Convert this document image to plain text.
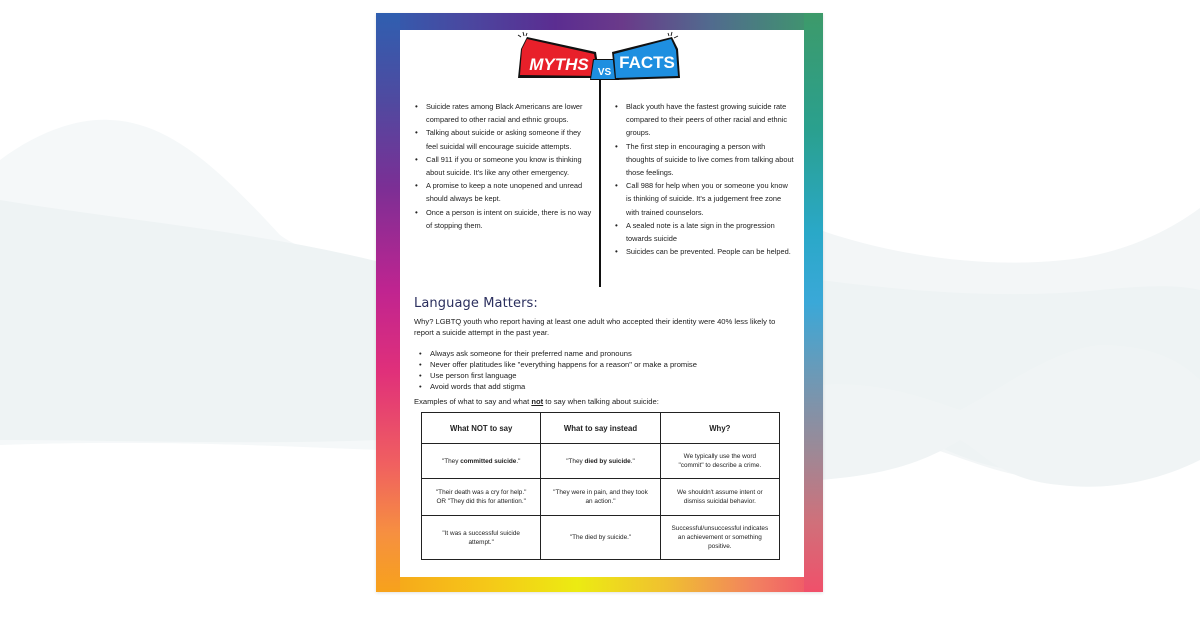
MYTHS VS
FACTS
• Suicide rates among Black Americans are lower compared to other racial and ethnic groups.
• Talking about suicide or asking someone if they feel suicidal will encourage suicide attempts.
• Call 911 if you or someone you know is thinking about suicide. It's like any other emergency.
• A promise to keep a note unopened and unread should always be kept.
• Once a person is intent on suicide, there is no way of stopping them.
• Black youth have the fastest growing suicide rate compared to their peers of other racial and ethnic groups.
• The first step in encouraging a person with thoughts of suicide to live comes from talking about those feelings.
• Call 988 for help when you or someone you know is thinking of suicide. It's a judgement free zone with trained counselors.
• A sealed note is a late sign in the progression towards suicide
• Suicides can be prevented. People can be helped.
Language Matters:

Why? LGBTQ youth who report having at least one adult who accepted their identity were 40% less likely to report a suicide attempt in the past year.

• Always ask someone for their preferred name and pronouns
• Never offer platitudes like "everything happens for a reason" or make a promise
• Use person first language
• Avoid words that add stigma

Examples of what to say and what not to say when talking about suicide:

What NOT to say	What to say instead	Why?
"They committed suicide."	"They died by suicide."	We typically use the word "commit" to describe a crime.
"Their death was a cry for help." OR "They did this for attention."	"They were in pain, and they took an action."	We shouldn't assume intent or dismiss suicidal behavior.
"It was a successful suicide attempt."	"The died by suicide."	Successful/unsuccessful indicates an achievement or something positive.
